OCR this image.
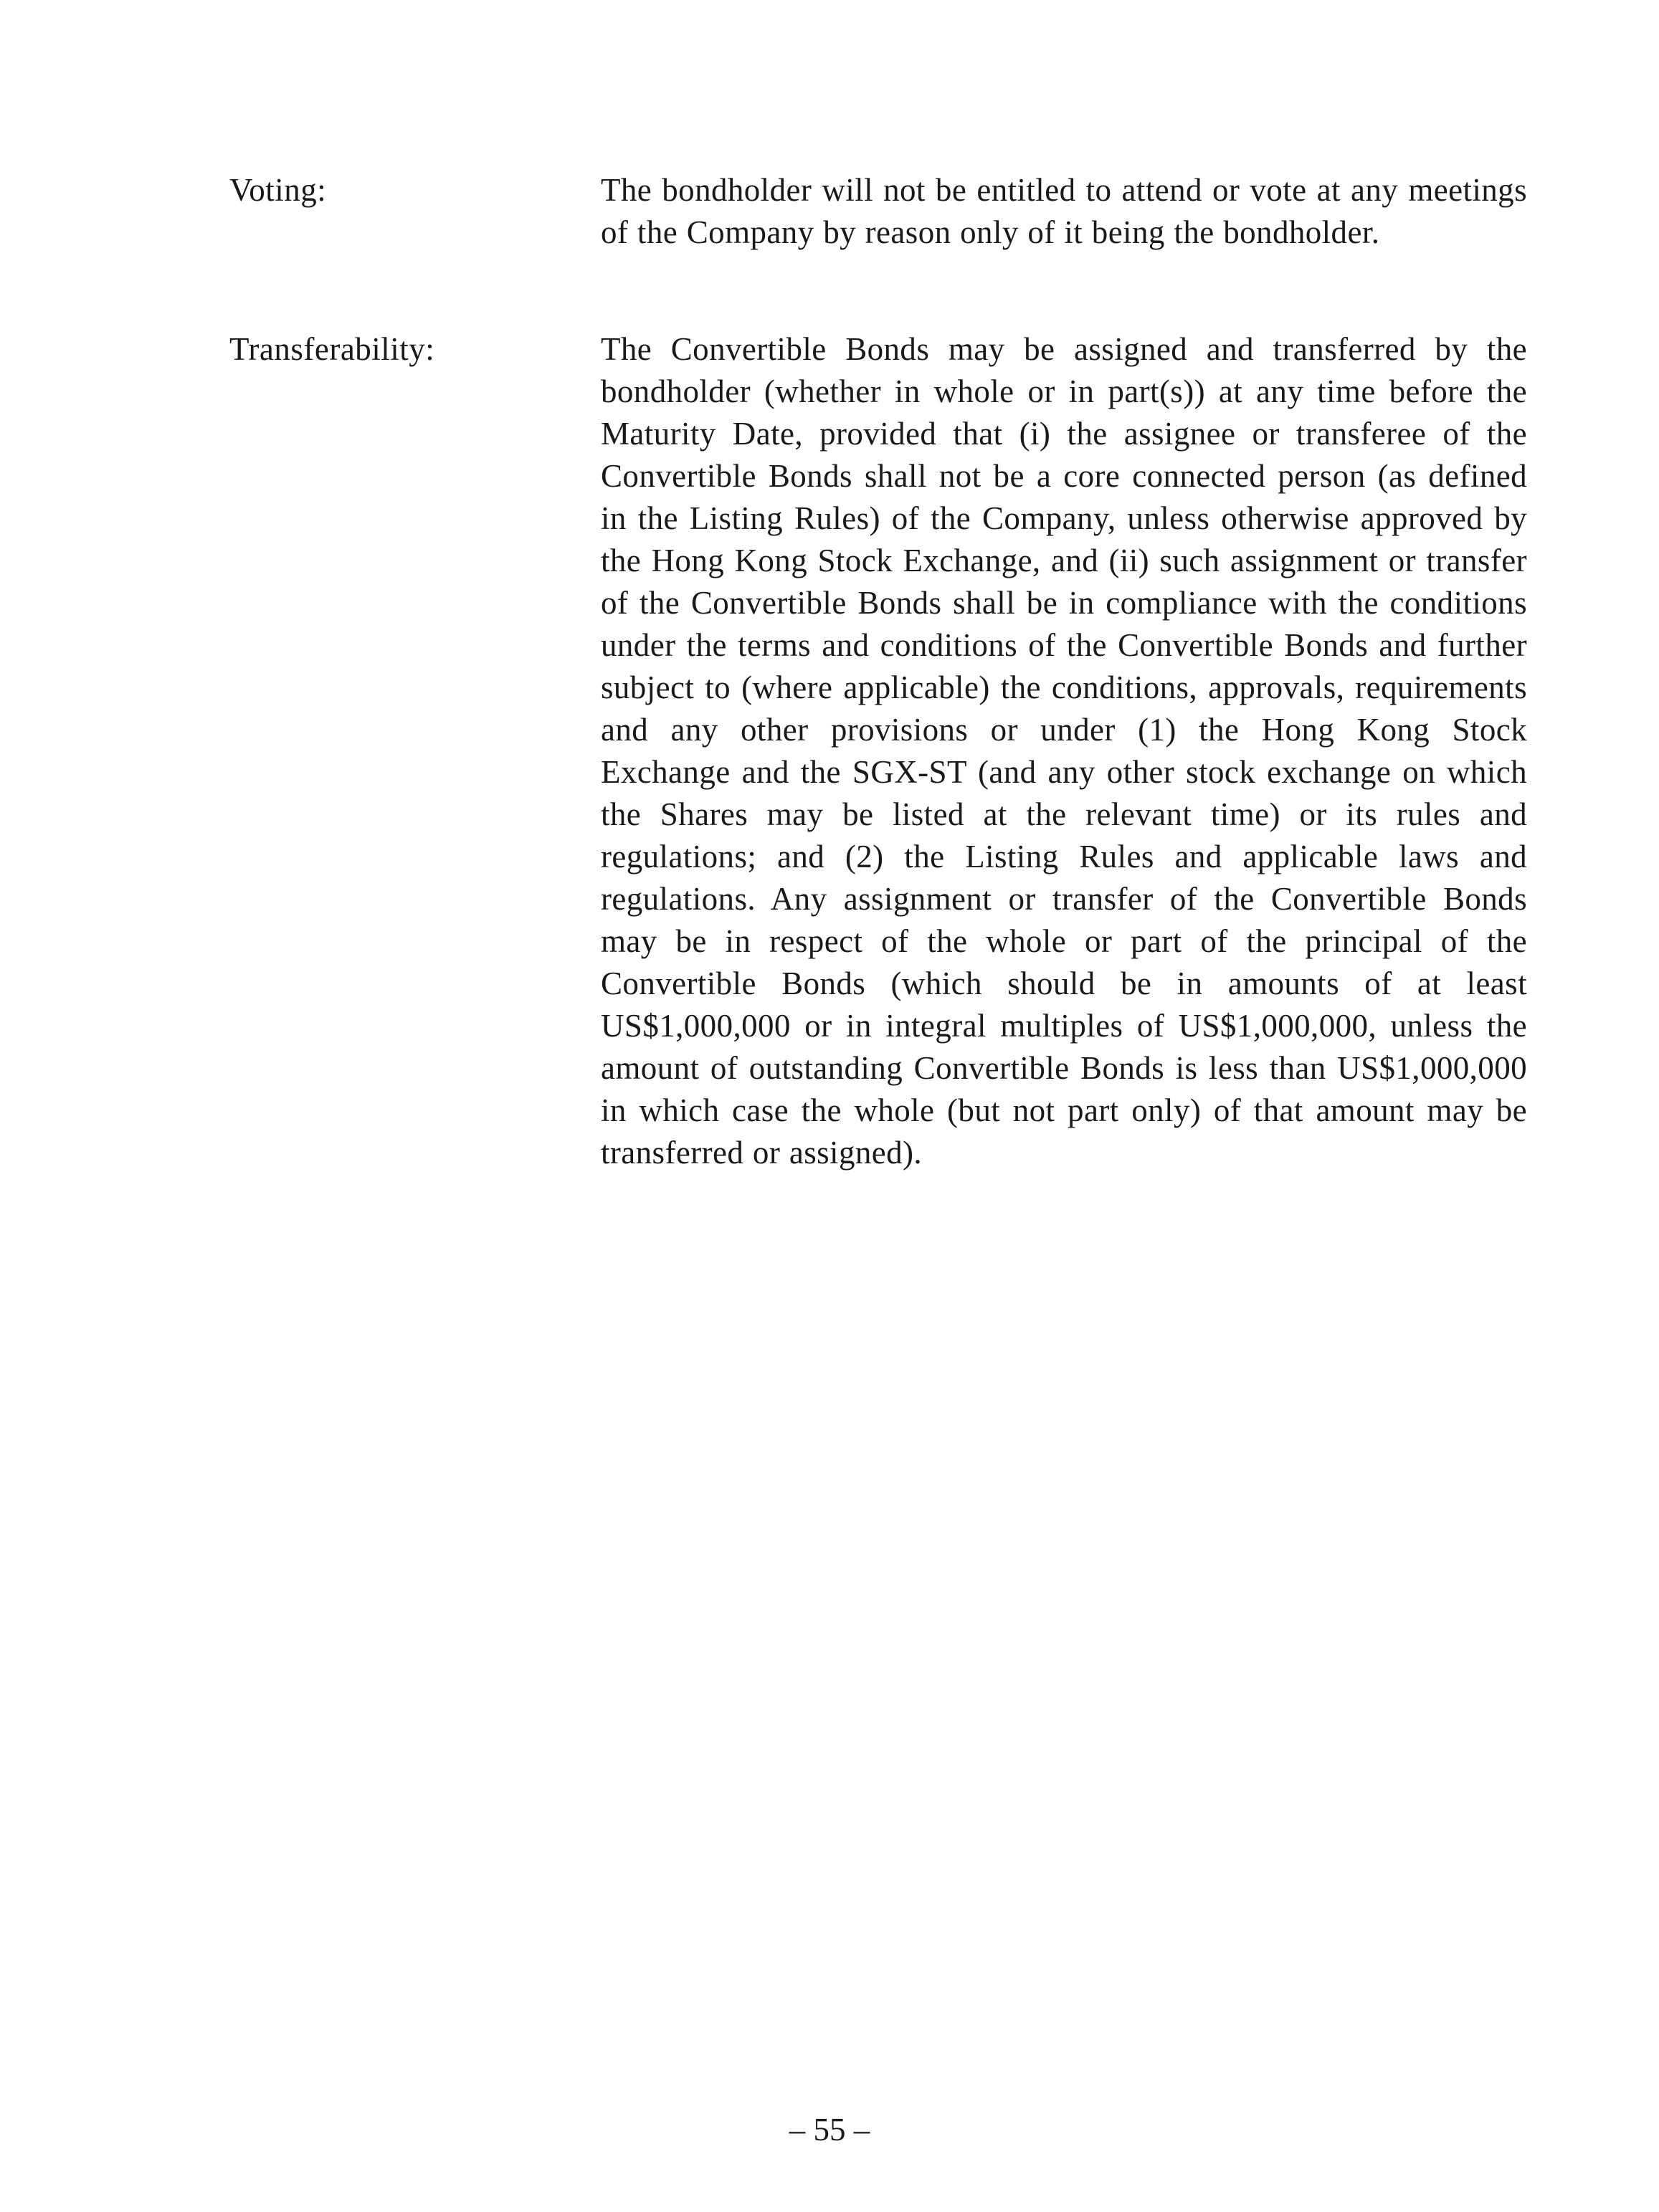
Voting:	The bondholder will not be entitled to attend or vote at any meetings of the Company by reason only of it being the bondholder.
Transferability:	The Convertible Bonds may be assigned and transferred by the bondholder (whether in whole or in part(s)) at any time before the Maturity Date, provided that (i) the assignee or transferee of the Convertible Bonds shall not be a core connected person (as defined in the Listing Rules) of the Company, unless otherwise approved by the Hong Kong Stock Exchange, and (ii) such assignment or transfer of the Convertible Bonds shall be in compliance with the conditions under the terms and conditions of the Convertible Bonds and further subject to (where applicable) the conditions, approvals, requirements and any other provisions or under (1) the Hong Kong Stock Exchange and the SGX-ST (and any other stock exchange on which the Shares may be listed at the relevant time) or its rules and regulations; and (2) the Listing Rules and applicable laws and regulations. Any assignment or transfer of the Convertible Bonds may be in respect of the whole or part of the principal of the Convertible Bonds (which should be in amounts of at least US$1,000,000 or in integral multiples of US$1,000,000, unless the amount of outstanding Convertible Bonds is less than US$1,000,000 in which case the whole (but not part only) of that amount may be transferred or assigned).
– 55 –
